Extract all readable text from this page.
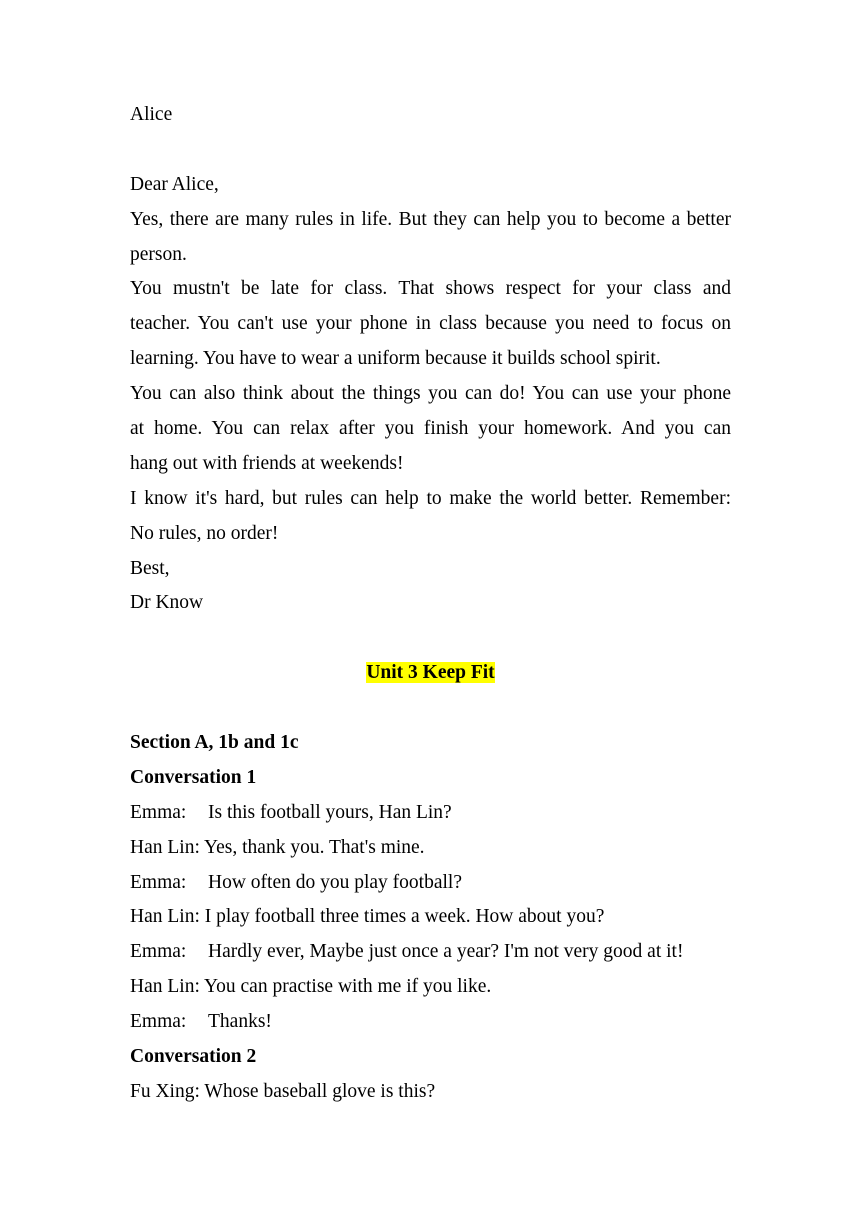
Alice
Dear Alice,
Yes, there are many rules in life. But they can help you to become a better
person.
You mustn't be late for class. That shows respect for your class and
teacher. You can't use your phone in class because you need to focus on
learning. You have to wear a uniform because it builds school spirit.
You can also think about the things you can do! You can use your phone
at home. You can relax after you finish your homework. And you can
hang out with friends at weekends!
I know it's hard, but rules can help to make the world better. Remember:
No rules, no order!
Best,
Dr Know
Unit 3 Keep Fit
Section A, 1b and 1c
Conversation 1
Emma: Is this football yours, Han Lin?
Han Lin: Yes, thank you. That's mine.
Emma: How often do you play football?
Han Lin: I play football three times a week. How about you?
Emma: Hardly ever, Maybe just once a year? I'm not very good at it!
Han Lin: You can practise with me if you like.
Emma: Thanks!
Conversation 2
Fu Xing: Whose baseball glove is this?
